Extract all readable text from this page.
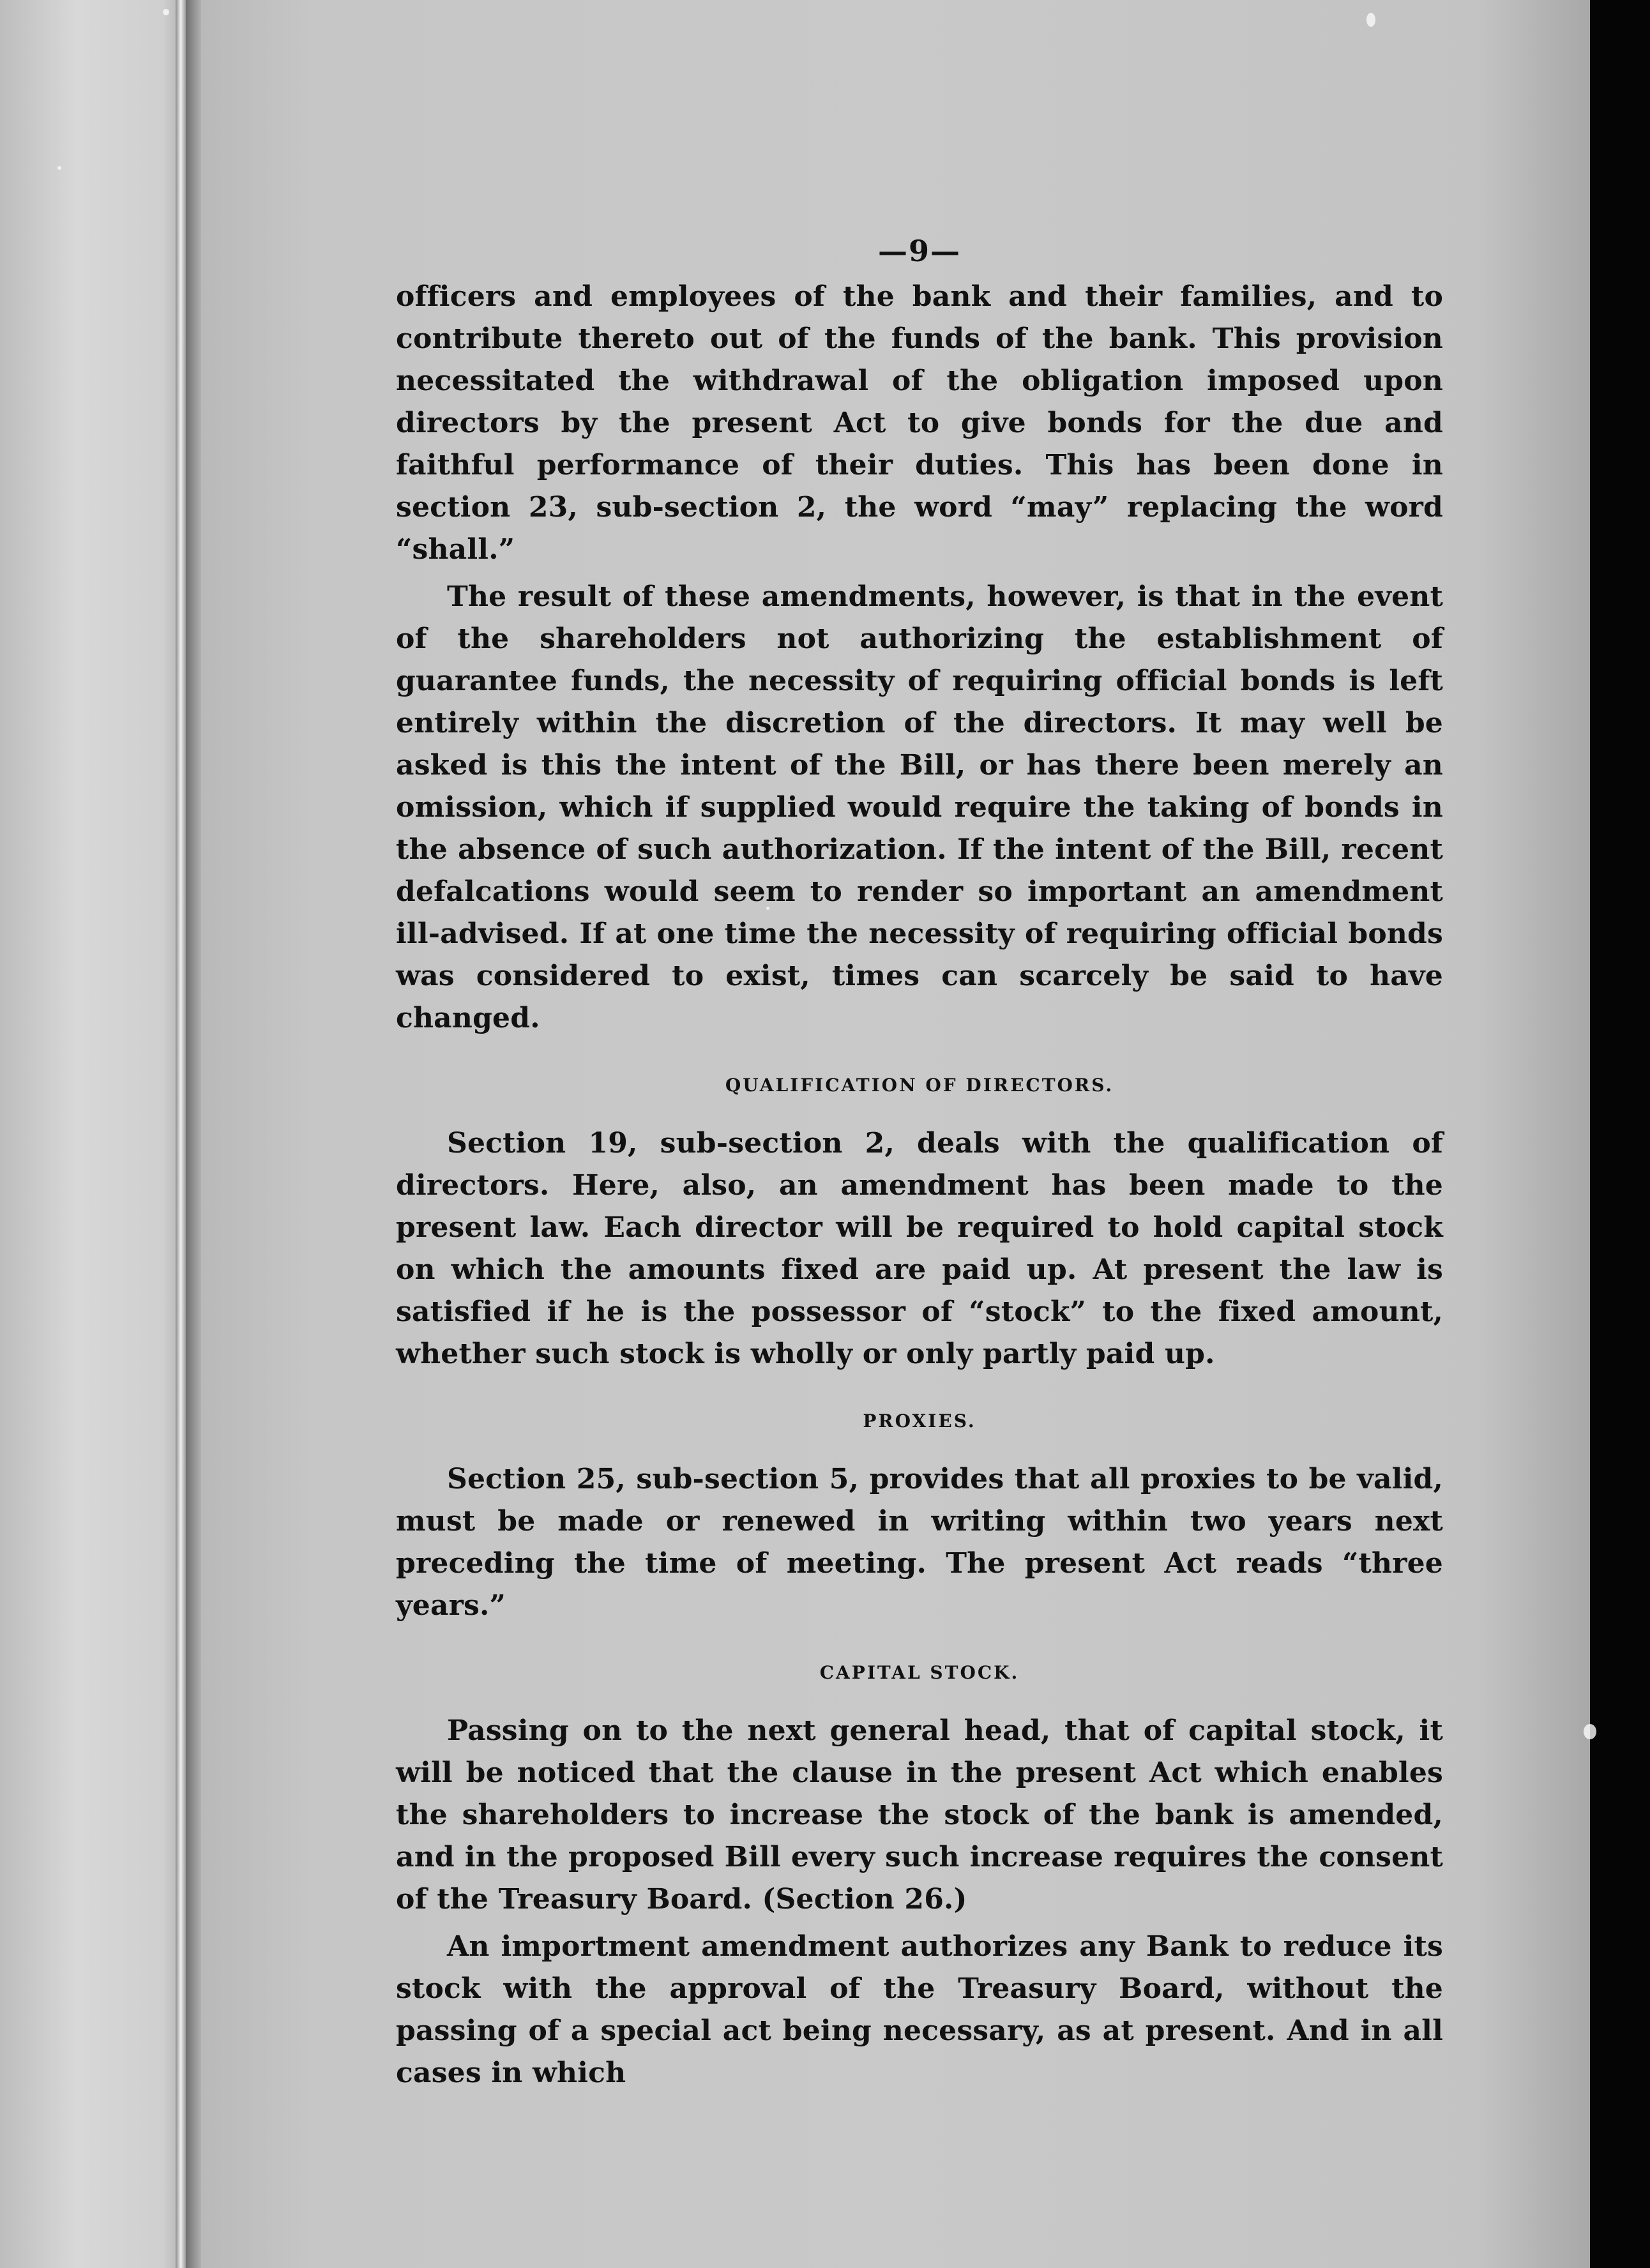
—9—

officers and employees of the bank and their families, and to contribute thereto out of the funds of the bank. This provision necessitated the withdrawal of the obligation imposed upon directors by the present Act to give bonds for the due and faithful performance of their duties. This has been done in section 23, sub-section 2, the word “may” replacing the word “shall.”

The result of these amendments, however, is that in the event of the shareholders not authorizing the establishment of guarantee funds, the necessity of requiring official bonds is left entirely within the discretion of the directors. It may well be asked is this the intent of the Bill, or has there been merely an omission, which if supplied would require the taking of bonds in the absence of such authorization. If the intent of the Bill, recent defalcations would seem to render so important an amendment ill-advised. If at one time the necessity of requiring official bonds was considered to exist, times can scarcely be said to have changed.

QUALIFICATION OF DIRECTORS.

Section 19, sub-section 2, deals with the qualification of directors. Here, also, an amendment has been made to the present law. Each director will be required to hold capital stock on which the amounts fixed are paid up. At present the law is satisfied if he is the possessor of “stock” to the fixed amount, whether such stock is wholly or only partly paid up.

PROXIES.

Section 25, sub-section 5, provides that all proxies to be valid, must be made or renewed in writing within two years next preceding the time of meeting. The present Act reads “three years.”

CAPITAL STOCK.

Passing on to the next general head, that of capital stock, it will be noticed that the clause in the present Act which enables the shareholders to increase the stock of the bank is amended, and in the proposed Bill every such increase requires the consent of the Treasury Board. (Section 26.)

An importment amendment authorizes any Bank to reduce its stock with the approval of the Treasury Board, without the passing of a special act being necessary, as at present. And in all cases in which
